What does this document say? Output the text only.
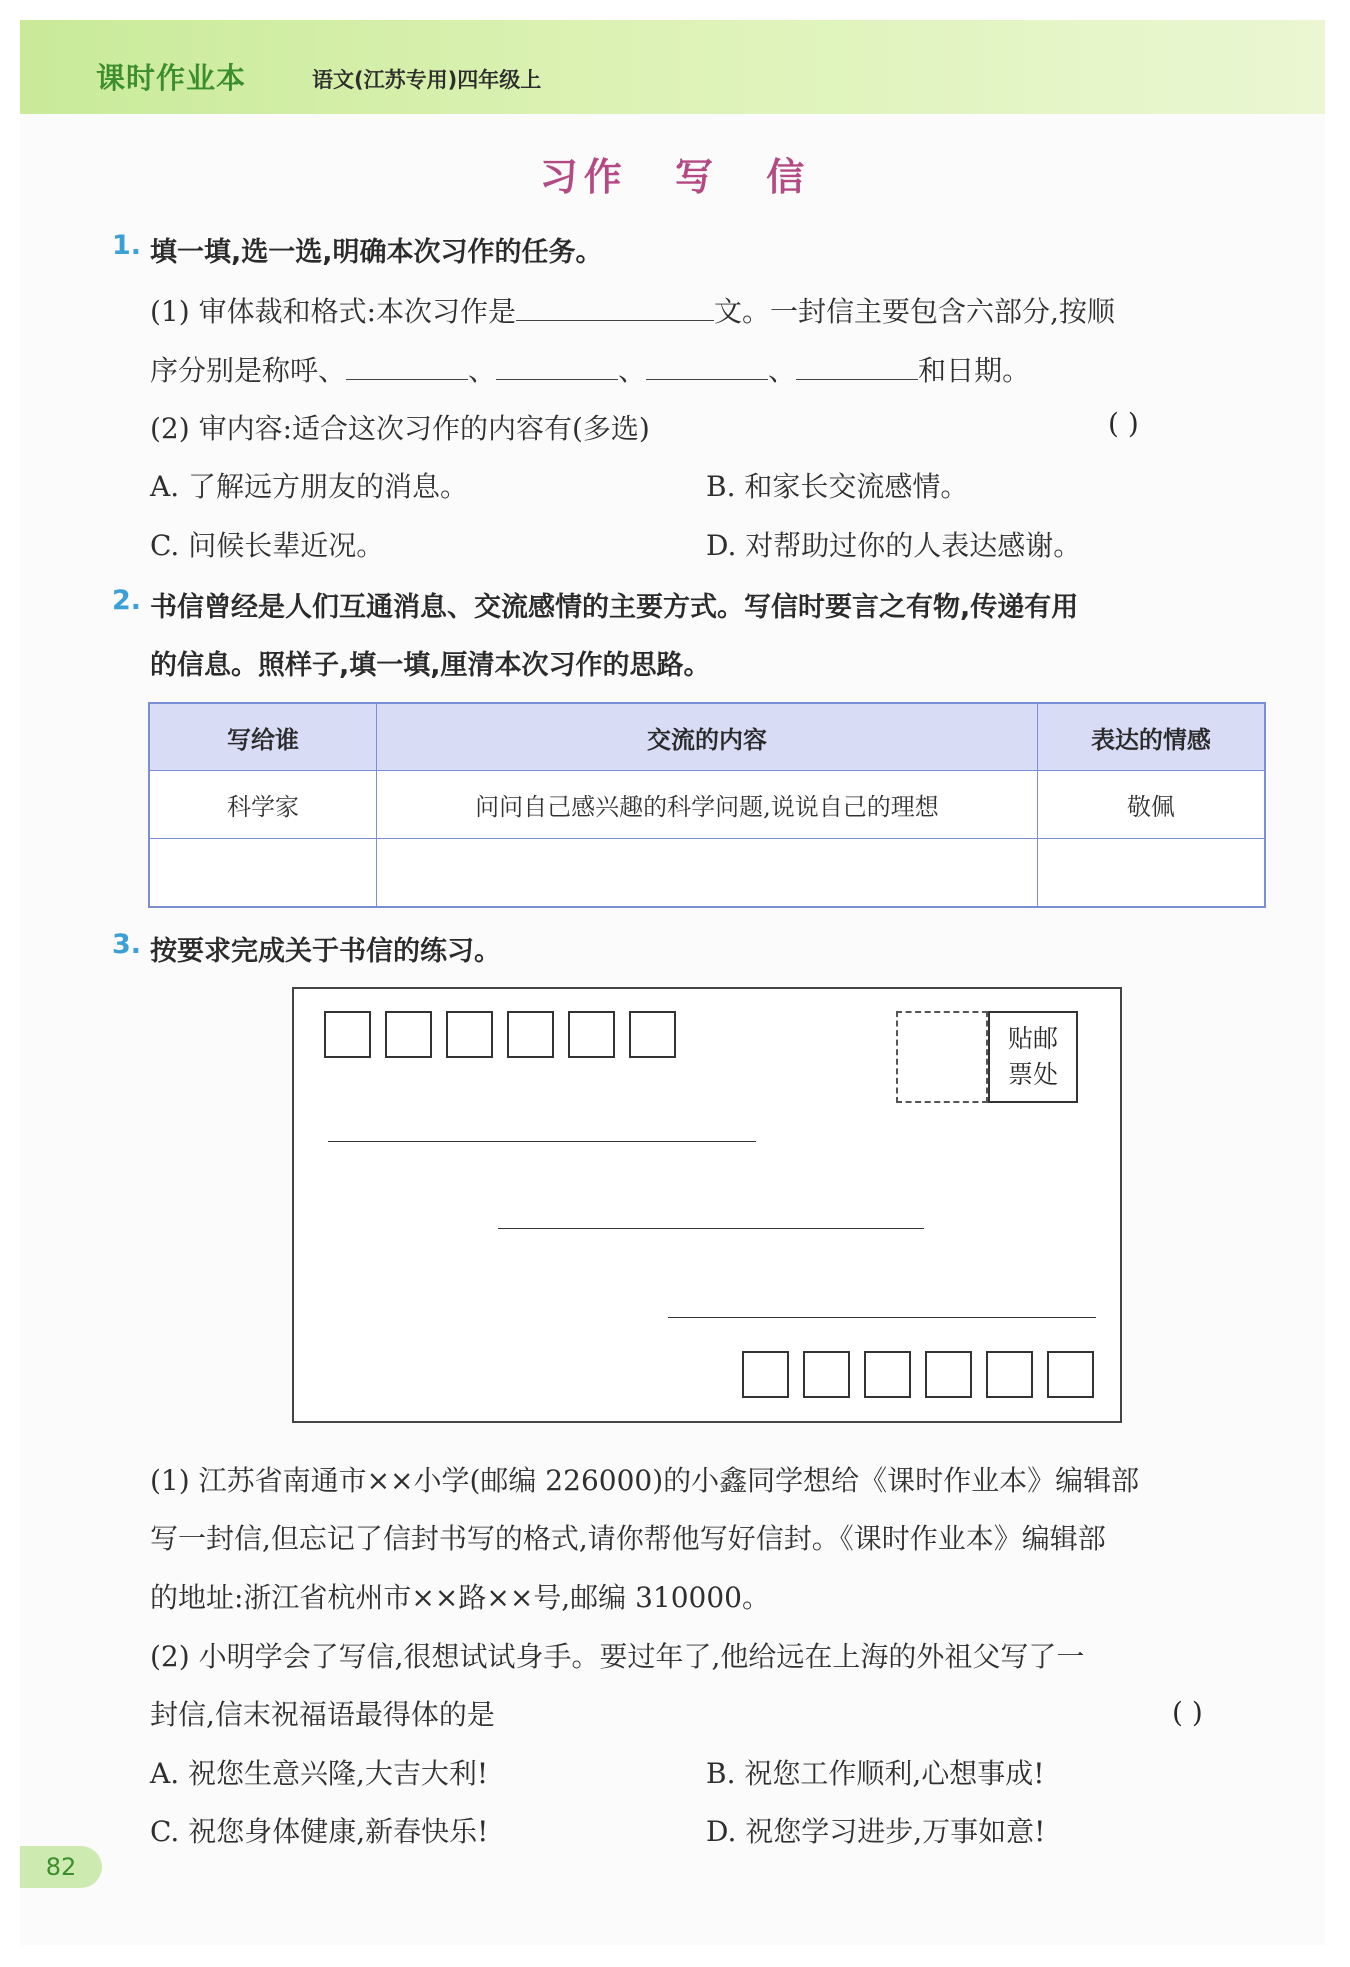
课时作业本	语文(江苏专用)四年级上
习作 写 信
1. 填一填,选一选,明确本次习作的任务。
(1) 审体裁和格式:本次习作是	文。一封信主要包含六部分,按顺
序分别是称呼、	、	、	、	和日期。
(2) 审内容:适合这次习作的内容有(多选)	( )
A. 了解远方朋友的消息。	B. 和家长交流感情。
C. 问候长辈近况。	D. 对帮助过你的人表达感谢。
2. 书信曾经是人们互通消息、交流感情的主要方式。写信时要言之有物,传递有用
的信息。照样子,填一填,厘清本次习作的思路。
写给谁	交流的内容	表达的情感
科学家	问问自己感兴趣的科学问题,说说自己的理想	敬佩

3. 按要求完成关于书信的练习。
贴邮
票处
(1) 江苏省南通市××小学(邮编 226000)的小鑫同学想给《课时作业本》编辑部
写一封信,但忘记了信封书写的格式,请你帮他写好信封。《课时作业本》编辑部
的地址:浙江省杭州市××路××号,邮编 310000。
(2) 小明学会了写信,很想试试身手。要过年了,他给远在上海的外祖父写了一
封信,信末祝福语最得体的是	( )
A. 祝您生意兴隆,大吉大利!	B. 祝您工作顺利,心想事成!
C. 祝您身体健康,新春快乐!	D. 祝您学习进步,万事如意!
82
